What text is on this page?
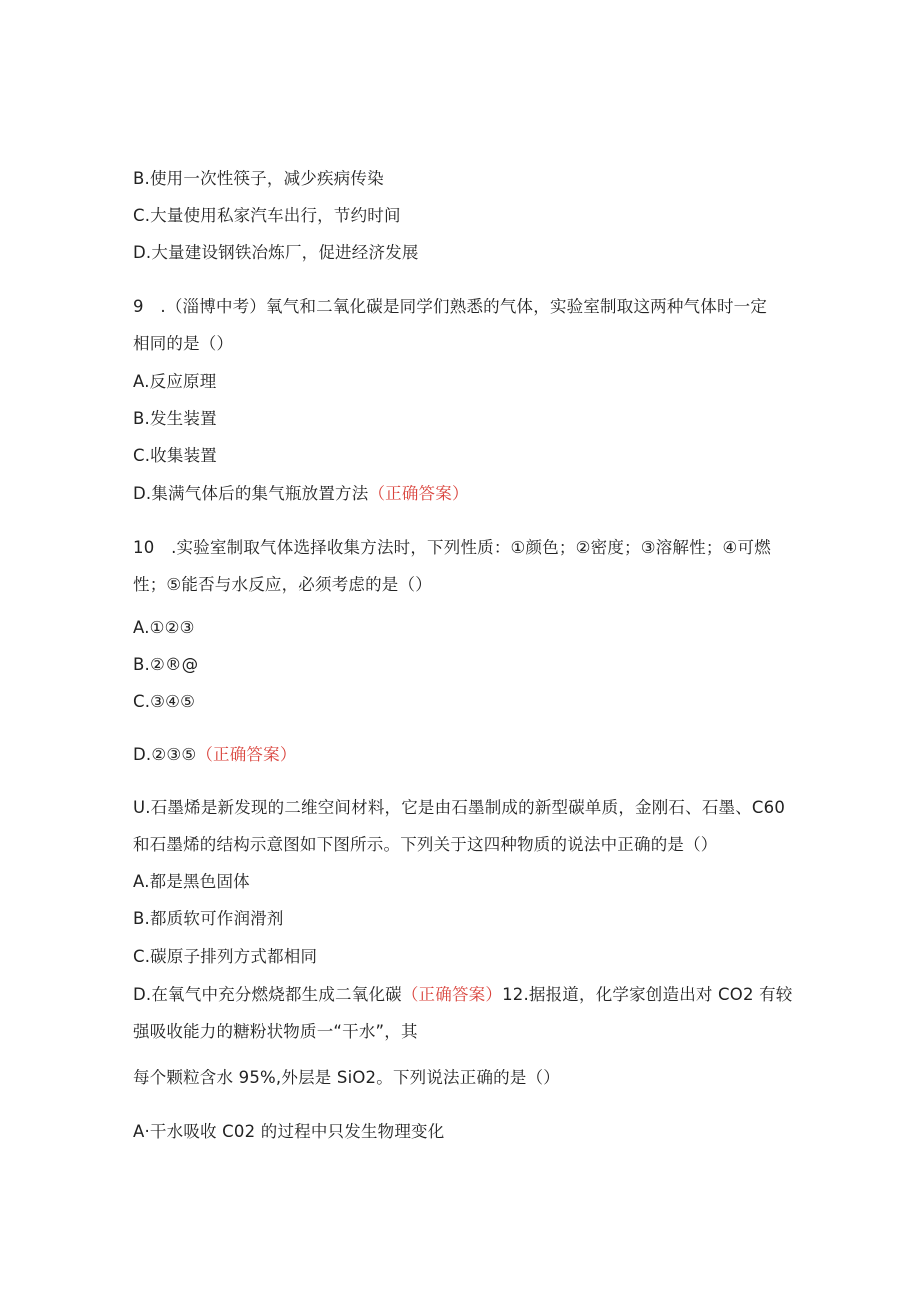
B.使用一次性筷子，减少疾病传染
C.大量使用私家汽车出行，节约时间
D.大量建设钢铁冶炼厂，促进经济发展
9　.（淄博中考）氧气和二氧化碳是同学们熟悉的气体，实验室制取这两种气体时一定
相同的是（）
A.反应原理
B.发生装置
C.收集装置
D.集满气体后的集气瓶放置方法（正确答案）
10　.实验室制取气体选择收集方法时，下列性质：①颜色；②密度；③溶解性；④可燃
性；⑤能否与水反应，必须考虑的是（）
A.①②③
B.②®@
C.③④⑤
D.②③⑤（正确答案）
U.石墨烯是新发现的二维空间材料，它是由石墨制成的新型碳单质，金刚石、石墨、C60
和石墨烯的结构示意图如下图所示。下列关于这四种物质的说法中正确的是（）
A.都是黑色固体
B.都质软可作润滑剂
C.碳原子排列方式都相同
D.在氧气中充分燃烧都生成二氧化碳（正确答案）12.据报道，化学家创造出对 CO2 有较
强吸收能力的糖粉状物质一“干水”，其
每个颗粒含水 95%,外层是 SiO2。下列说法正确的是（）
A·干水吸收 C02 的过程中只发生物理变化
